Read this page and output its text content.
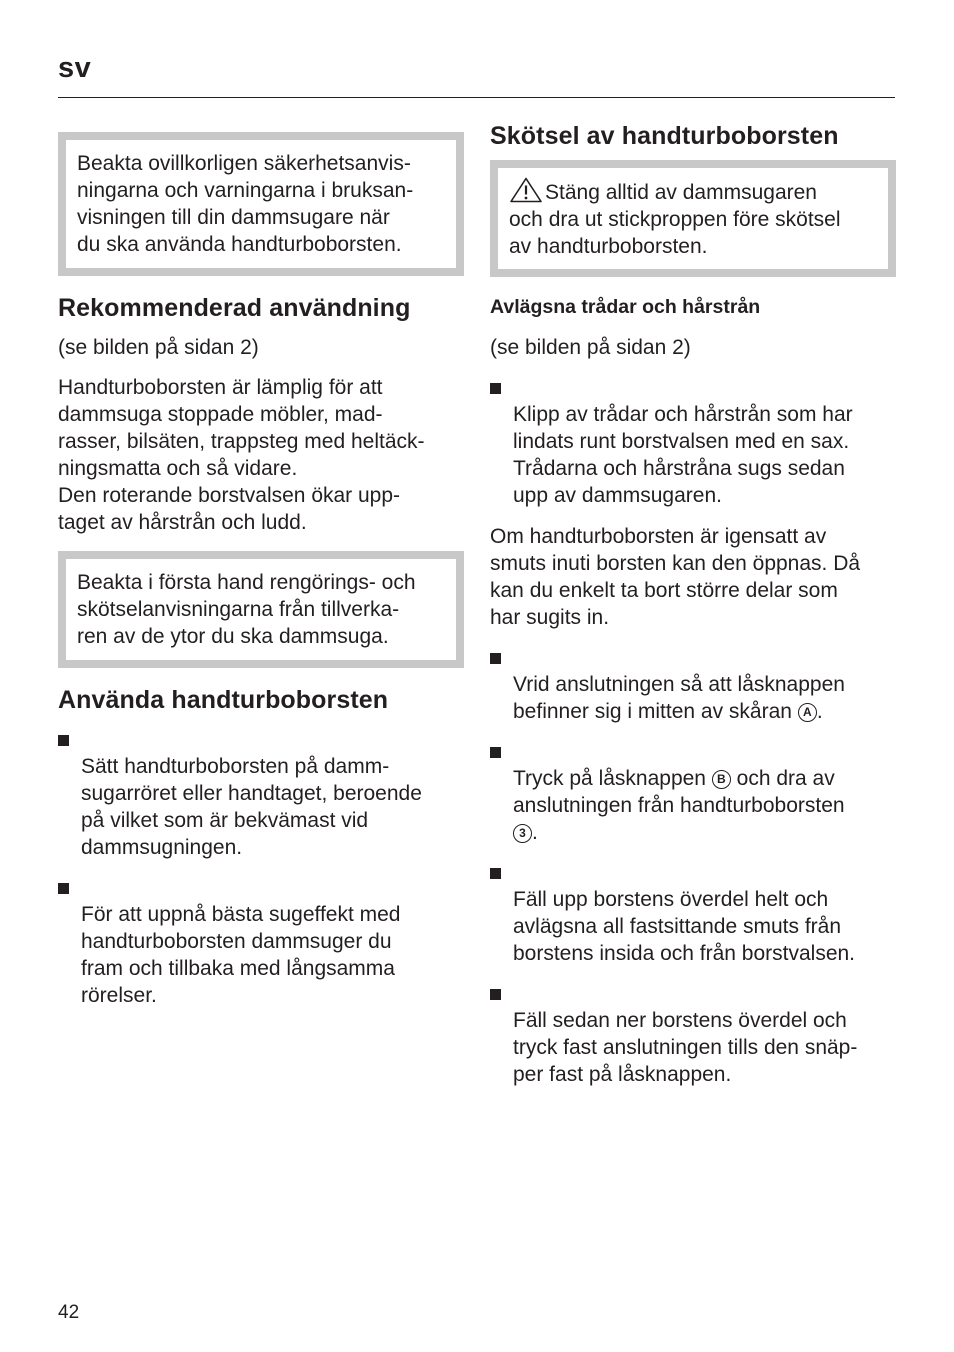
sv

Beakta ovillkorligen säkerhetsanvis-
ningarna och varningarna i bruksan-
visningen till din dammsugare när
du ska använda handturboborsten.

Rekommenderad användning

(se bilden på sidan 2)

Handturboborsten är lämplig för att
dammsuga stoppade möbler, mad-
rasser, bilsäten, trappsteg med heltäck-
ningsmatta och så vidare.
Den roterande borstvalsen ökar upp-
taget av hårstrån och ludd.

Beakta i första hand rengörings- och
skötselanvisningarna från tillverka-
ren av de ytor du ska dammsuga.

Använda handturboborsten

Sätt handturboborsten på damm-
sugarröret eller handtaget, beroende
på vilket som är bekvämast vid
dammsugningen.

För att uppnå bästa sugeffekt med
handturboborsten dammsuger du
fram och tillbaka med långsamma
rörelser.

Skötsel av handturboborsten

Stäng alltid av dammsugaren
och dra ut stickproppen före skötsel
av handturboborsten.

Avlägsna trådar och hårstrån

(se bilden på sidan 2)

Klipp av trådar och hårstrån som har
lindats runt borstvalsen med en sax.
Trådarna och hårstråna sugs sedan
upp av dammsugaren.

Om handturboborsten är igensatt av
smuts inuti borsten kan den öppnas. Då
kan du enkelt ta bort större delar som
har sugits in.

Vrid anslutningen så att låsknappen
befinner sig i mitten av skåran A .

Tryck på låsknappen B och dra av
anslutningen från handturboborsten
3 .

Fäll upp borstens överdel helt och
avlägsna all fastsittande smuts från
borstens insida och från borstvalsen.

Fäll sedan ner borstens överdel och
tryck fast anslutningen tills den snäp-
per fast på låsknappen.

42
